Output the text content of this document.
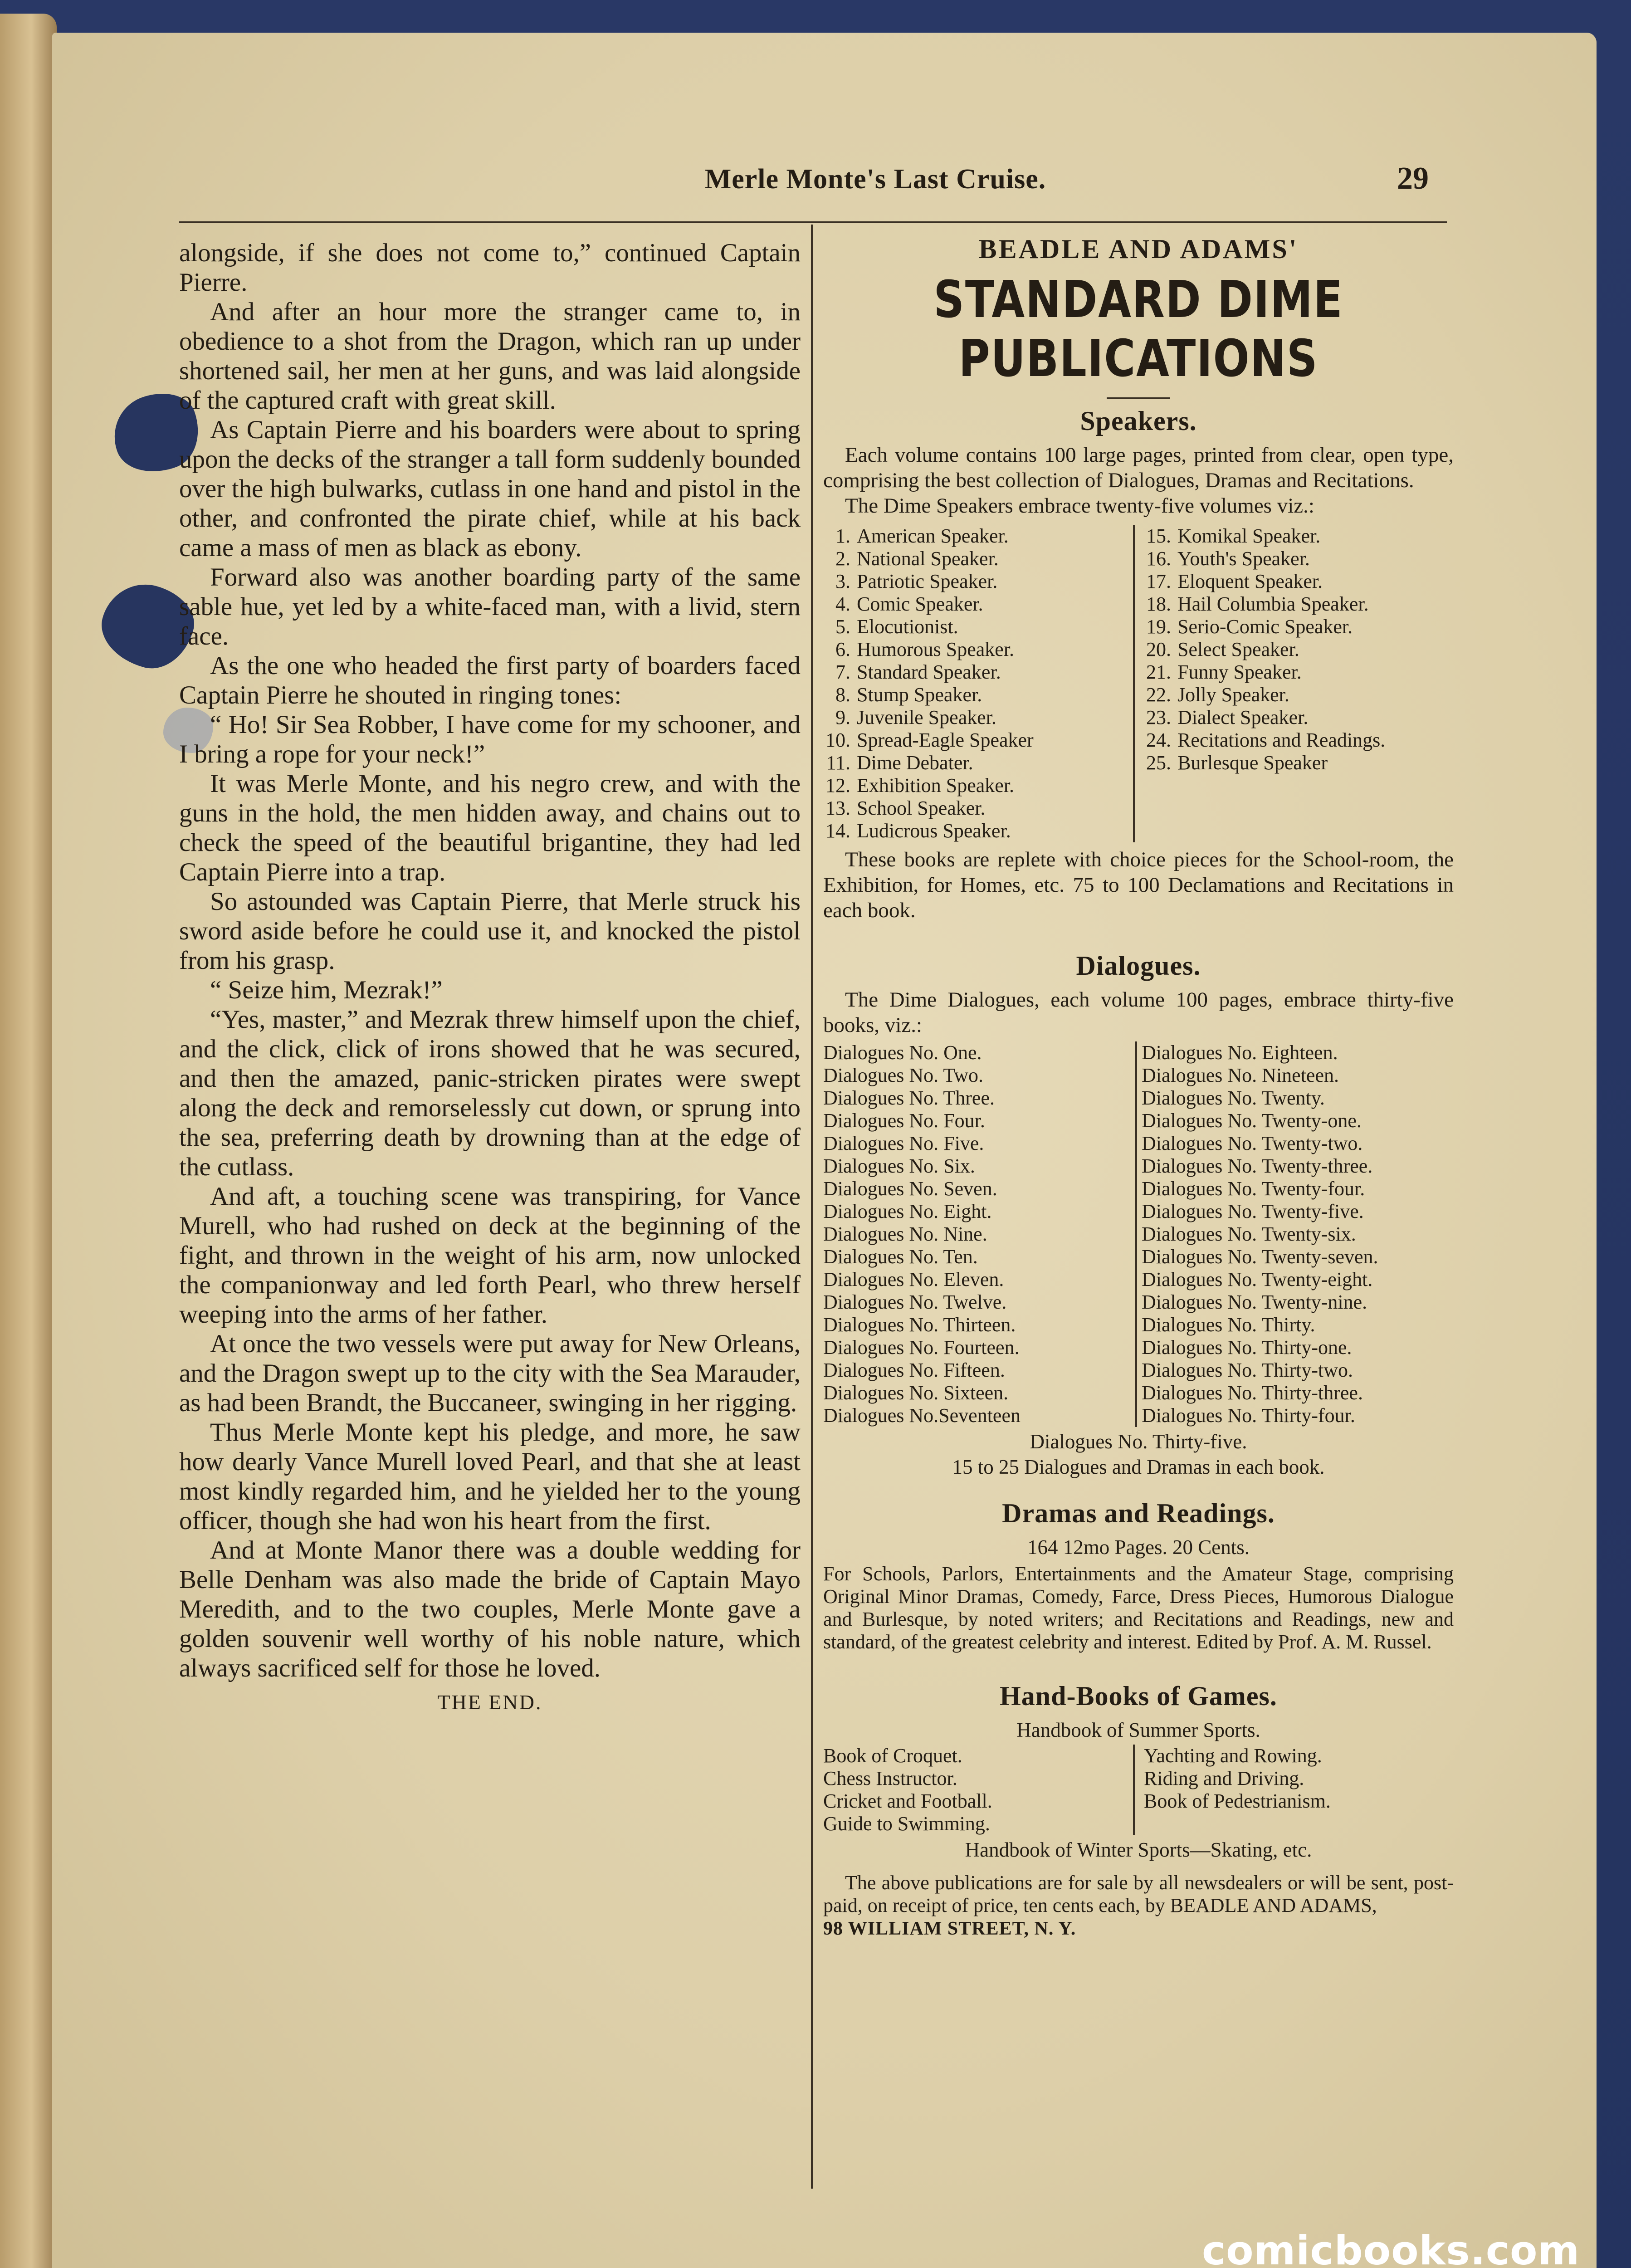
Merle Monte's Last Cruise.	29

alongside, if she does not come to,” continued Captain Pierre.

And after an hour more the stranger came to, in obedience to a shot from the Dragon, which ran up under shortened sail, her men at her guns, and was laid alongside of the captured craft with great skill.

As Captain Pierre and his boarders were about to spring upon the decks of the stranger a tall form suddenly bounded over the high bulwarks, cutlass in one hand and pistol in the other, and confronted the pirate chief, while at his back came a mass of men as black as ebony.

Forward also was another boarding party of the same sable hue, yet led by a white-faced man, with a livid, stern face.

As the one who headed the first party of boarders faced Captain Pierre he shouted in ringing tones:

“ Ho! Sir Sea Robber, I have come for my schooner, and I bring a rope for your neck!”

It was Merle Monte, and his negro crew, and with the guns in the hold, the men hidden away, and chains out to check the speed of the beautiful brigantine, they had led Captain Pierre into a trap.

So astounded was Captain Pierre, that Merle struck his sword aside before he could use it, and knocked the pistol from his grasp.

“ Seize him, Mezrak!”

“Yes, master,” and Mezrak threw himself upon the chief, and the click, click of irons showed that he was secured, and then the amazed, panic-stricken pirates were swept along the deck and remorselessly cut down, or sprung into the sea, preferring death by drowning than at the edge of the cutlass.

And aft, a touching scene was transpiring, for Vance Murell, who had rushed on deck at the beginning of the fight, and thrown in the weight of his arm, now unlocked the companionway and led forth Pearl, who threw herself weeping into the arms of her father.

At once the two vessels were put away for New Orleans, and the Dragon swept up to the city with the Sea Marauder, as had been Brandt, the Buccaneer, swinging in her rigging.

Thus Merle Monte kept his pledge, and more, he saw how dearly Vance Murell loved Pearl, and that she at least most kindly regarded him, and he yielded her to the young officer, though she had won his heart from the first.

And at Monte Manor there was a double wedding for Belle Denham was also made the bride of Captain Mayo Meredith, and to the two couples, Merle Monte gave a golden souvenir well worthy of his noble nature, which always sacrificed self for those he loved.

THE END.

BEADLE AND ADAMS'

STANDARD DIME PUBLICATIONS

Speakers.

Each volume contains 100 large pages, printed from clear, open type, comprising the best collection of Dialogues, Dramas and Recitations.

The Dime Speakers embrace twenty-five volumes viz.:

1. American Speaker.
2. National Speaker.
3. Patriotic Speaker.
4. Comic Speaker.
5. Elocutionist.
6. Humorous Speaker.
7. Standard Speaker.
8. Stump Speaker.
9. Juvenile Speaker.
10. Spread-Eagle Speaker
11. Dime Debater.
12. Exhibition Speaker.
13. School Speaker.
14. Ludicrous Speaker.
15. Komikal Speaker.
16. Youth's Speaker.
17. Eloquent Speaker.
18. Hail Columbia Speaker.
19. Serio-Comic Speaker.
20. Select Speaker.
21. Funny Speaker.
22. Jolly Speaker.
23. Dialect Speaker.
24. Recitations and Readings.
25. Burlesque Speaker

These books are replete with choice pieces for the School-room, the Exhibition, for Homes, etc. 75 to 100 Declamations and Recitations in each book.

Dialogues.

The Dime Dialogues, each volume 100 pages, embrace thirty-five books, viz.:

Dialogues No. One.
Dialogues No. Two.
Dialogues No. Three.
Dialogues No. Four.
Dialogues No. Five.
Dialogues No. Six.
Dialogues No. Seven.
Dialogues No. Eight.
Dialogues No. Nine.
Dialogues No. Ten.
Dialogues No. Eleven.
Dialogues No. Twelve.
Dialogues No. Thirteen.
Dialogues No. Fourteen.
Dialogues No. Fifteen.
Dialogues No. Sixteen.
Dialogues No.Seventeen
Dialogues No. Eighteen.
Dialogues No. Nineteen.
Dialogues No. Twenty.
Dialogues No. Twenty-one.
Dialogues No. Twenty-two.
Dialogues No. Twenty-three.
Dialogues No. Twenty-four.
Dialogues No. Twenty-five.
Dialogues No. Twenty-six.
Dialogues No. Twenty-seven.
Dialogues No. Twenty-eight.
Dialogues No. Twenty-nine.
Dialogues No. Thirty.
Dialogues No. Thirty-one.
Dialogues No. Thirty-two.
Dialogues No. Thirty-three.
Dialogues No. Thirty-four.

Dialogues No. Thirty-five.

15 to 25 Dialogues and Dramas in each book.

Dramas and Readings.

164 12mo Pages. 20 Cents.

For Schools, Parlors, Entertainments and the Amateur Stage, comprising Original Minor Dramas, Comedy, Farce, Dress Pieces, Humorous Dialogue and Burlesque, by noted writers; and Recitations and Readings, new and standard, of the greatest celebrity and interest. Edited by Prof. A. M. Russel.

Hand-Books of Games.

Handbook of Summer Sports.

Book of Croquet.
Chess Instructor.
Cricket and Football.
Guide to Swimming.
Yachting and Rowing.
Riding and Driving.
Book of Pedestrianism.

Handbook of Winter Sports—Skating, etc.

The above publications are for sale by all newsdealers or will be sent, post-paid, on receipt of price, ten cents each, by BEADLE AND ADAMS,

98 WILLIAM STREET, N. Y.

comicbooks.com
